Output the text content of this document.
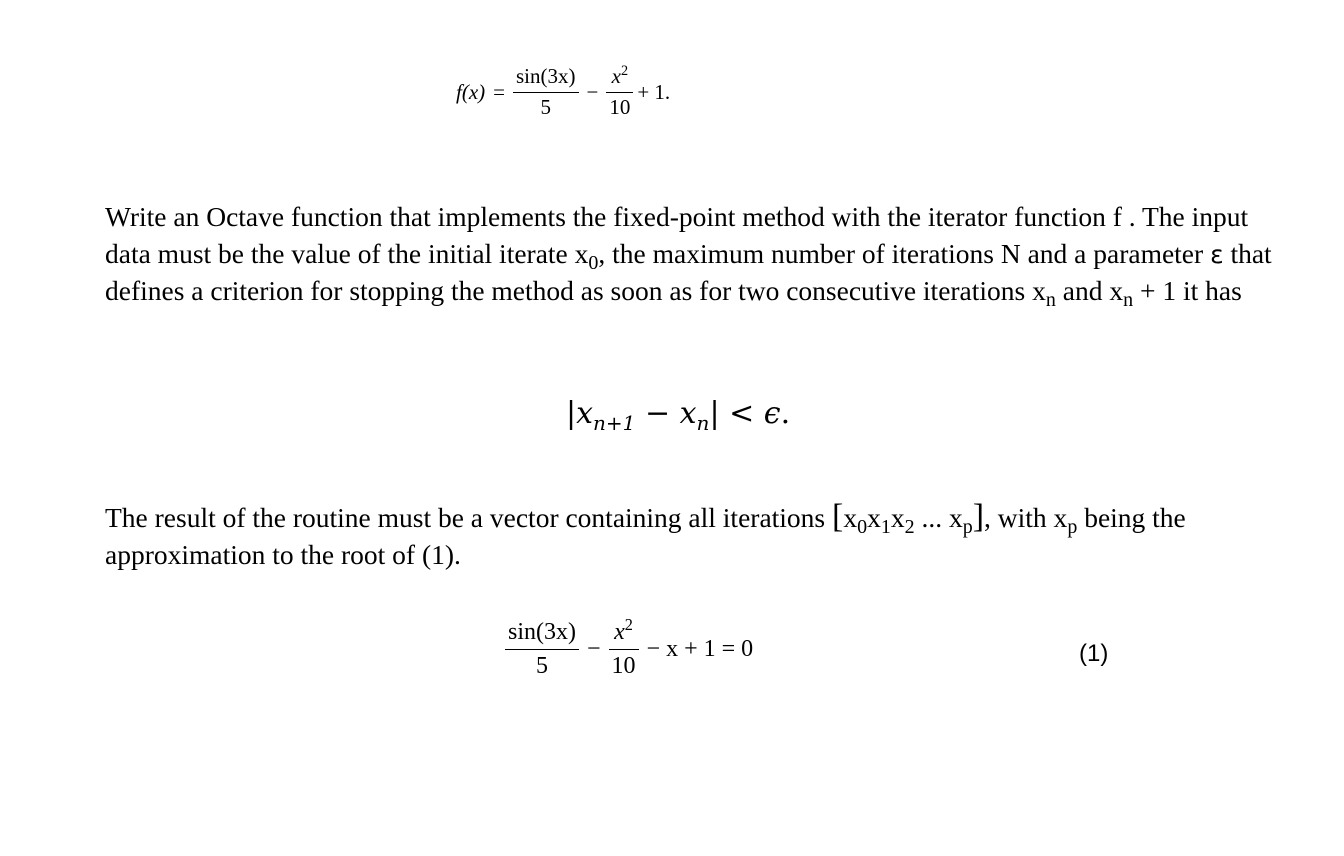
$f(x) = \frac{\sin(3x)}{5} - \frac{x^2}{10} + 1$.

Write an Octave function that implements the fixed-point method with the iterator function f . The input data must be the value of the initial iterate $x_0$, the maximum number of iterations N and a parameter ε that defines a criterion for stopping the method as soon as for two consecutive iterations $x_n$ and $x_n + 1$ it has

$|x_{n+1} - x_n| < \epsilon$.

The result of the routine must be a vector containing all iterations [$x_0x_1x_2$ ... $x_p$], with $x_p$ being the approximation to the root of (1).

$\frac{\sin(3x)}{5} - \frac{x^2}{10} - x + 1 = 0$	(1)
